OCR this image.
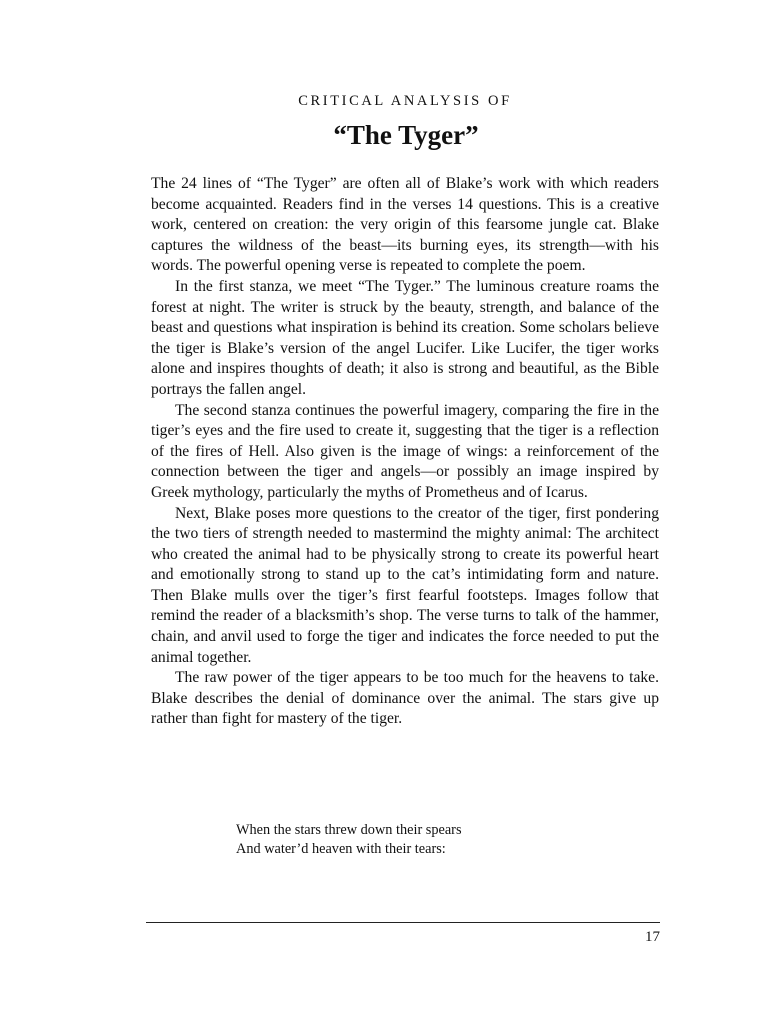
CRITICAL ANALYSIS OF
“The Tyger”

The 24 lines of “The Tyger” are often all of Blake’s work with which readers become acquainted. Readers find in the verses 14 questions. This is a creative work, centered on creation: the very origin of this fearsome jungle cat. Blake captures the wildness of the beast—its burning eyes, its strength—with his words. The powerful opening verse is repeated to complete the poem.

In the first stanza, we meet “The Tyger.” The luminous creature roams the forest at night. The writer is struck by the beauty, strength, and balance of the beast and questions what inspiration is behind its creation. Some scholars believe the tiger is Blake’s version of the angel Lucifer. Like Lucifer, the tiger works alone and inspires thoughts of death; it also is strong and beautiful, as the Bible portrays the fallen angel.

The second stanza continues the powerful imagery, comparing the fire in the tiger’s eyes and the fire used to create it, suggesting that the tiger is a reflection of the fires of Hell. Also given is the image of wings: a reinforcement of the connection between the tiger and angels—or possibly an image inspired by Greek mythology, particularly the myths of Prometheus and of Icarus.

Next, Blake poses more questions to the creator of the tiger, first pondering the two tiers of strength needed to mastermind the mighty animal: The architect who created the animal had to be physically strong to create its powerful heart and emotionally strong to stand up to the cat’s intimidating form and nature. Then Blake mulls over the tiger’s first fearful footsteps. Images follow that remind the reader of a blacksmith’s shop. The verse turns to talk of the hammer, chain, and anvil used to forge the tiger and indicates the force needed to put the animal together.

The raw power of the tiger appears to be too much for the heavens to take. Blake describes the denial of dominance over the animal. The stars give up rather than fight for mastery of the tiger.

When the stars threw down their spears
And water’d heaven with their tears:
17
